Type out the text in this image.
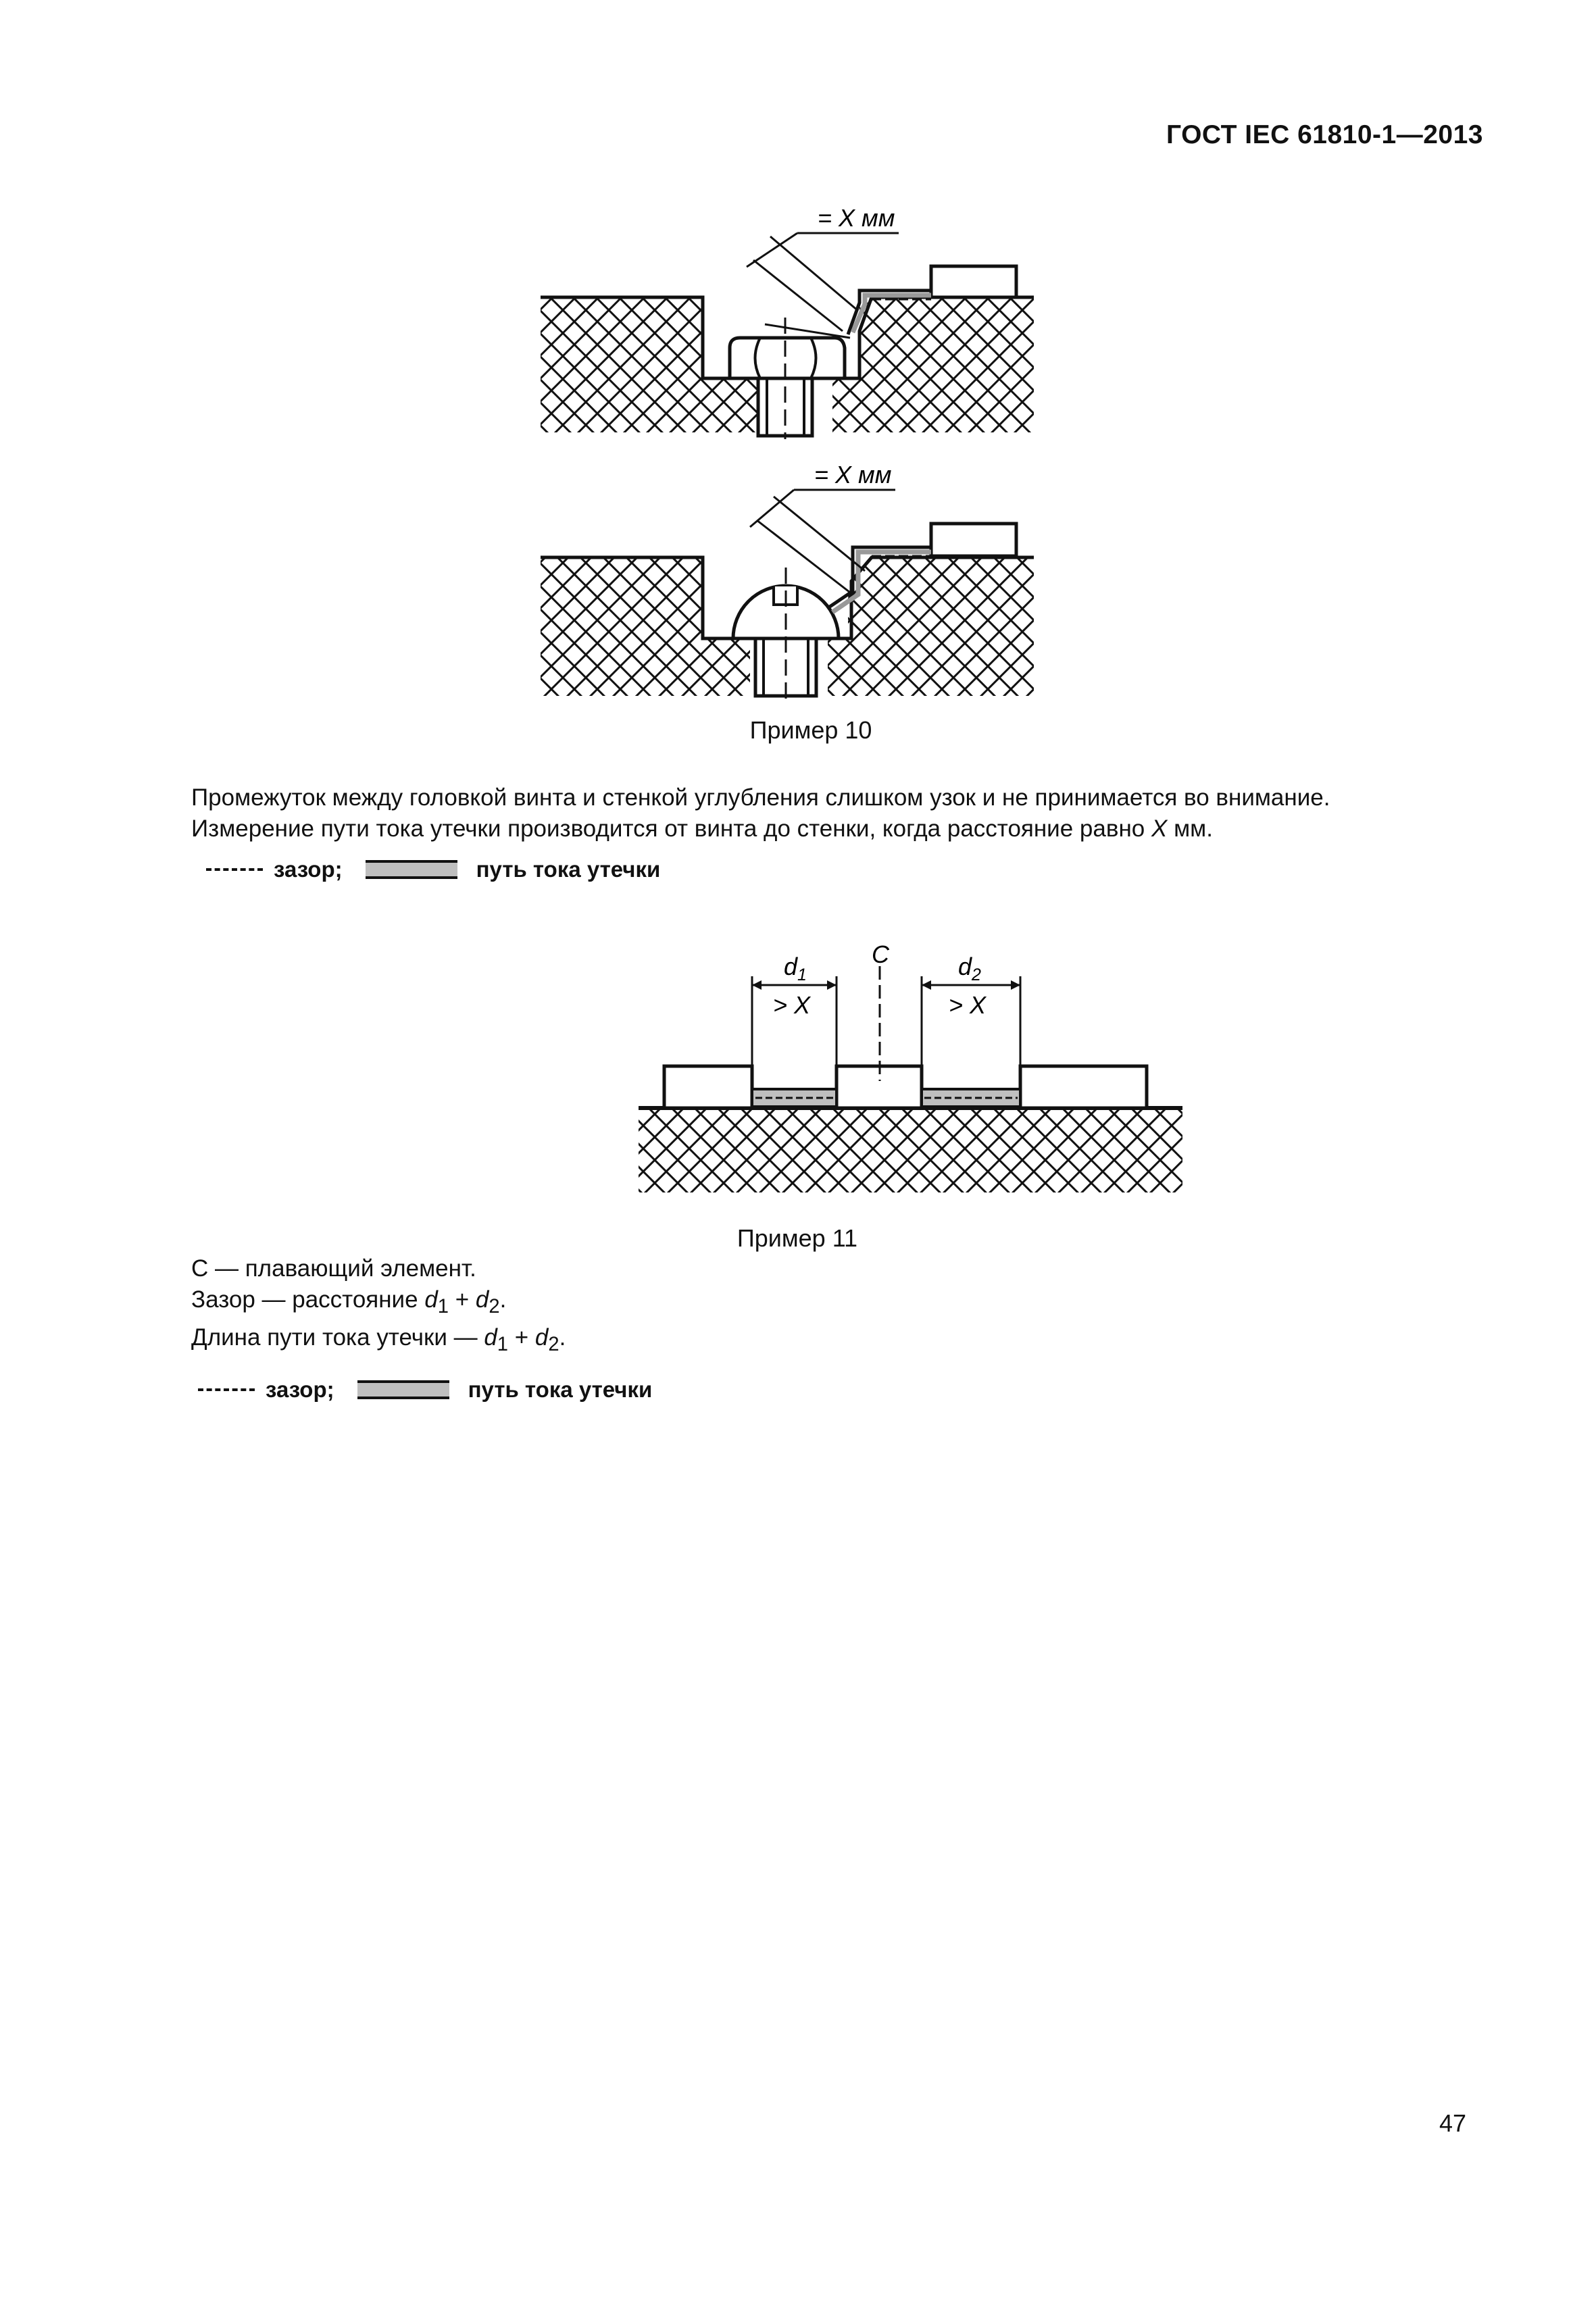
ГОСТ IEC 61810-1—2013
= X мм
= X мм
Пример 10
Промежуток между головкой винта и стенкой углубления слишком узок и не принимается во внимание.
Измерение пути тока утечки производится от винта до стенки, когда расстояние равно X мм.
зазор;	путь тока утечки
$d_1$	$d_2$
C
> X	> X
Пример 11
С — плавающий элемент.
Зазор — расстояние $d_1 + d_2$.
Длина пути тока утечки — $d_1 + d_2$.
зазор;	путь тока утечки
47
